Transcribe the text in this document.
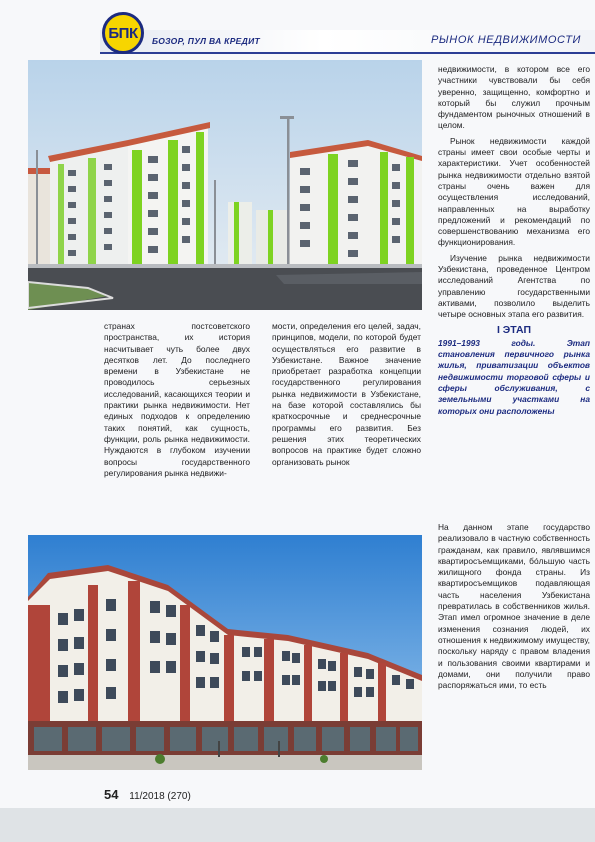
БПК БОЗОР, ПУЛ ВА КРЕДИТ	РЫНОК НЕДВИЖИМОСТИ

недвижимости, в котором все его участники чувствовали бы себя уверенно, защищенно, комфортно и который бы служил прочным фундаментом рыночных отношений в целом.

Рынок недвижимости каждой страны имеет свои особые черты и характеристики. Учет особенностей рынка недвижимости отдельно взятой страны очень важен для осуществления исследований, направленных на выработку предложений и рекомендаций по совершенствованию механизма его функционирования.

Изучение рынка недвижимости Узбекистана, проведенное Центром исследований Агентства по управлению государственными активами, позволило выделить четыре основных этапа его развития.

I ЭТАП
1991–1993 годы. Этап становления первичного рынка жилья, приватизации объектов недвижимости торговой сферы и сферы обслуживания, с земельными участками на которых они расположены

странах постсоветского пространства, их история насчитывает чуть более двух десятков лет. До последнего времени в Узбекистане не проводилось серьезных исследований, касающихся теории и практики рынка недвижимости. Нет единых подходов к определению таких понятий, как сущность, функции, роль рынка недвижимости. Нуждаются в глубоком изучении вопросы государственного регулирования рынка недвижи-

мости, определения его целей, задач, принципов, модели, по которой будет осуществляться его развитие в Узбекистане. Важное значение приобретает разработка концепции государственного регулирования рынка недвижимости в Узбекистане, на базе которой составлялись бы краткосрочные и среднесрочные программы его развития. Без решения этих теоретических вопросов на практике будет сложно организовать рынок

На данном этапе государство реализовало в частную собственность гражданам, как правило, являвшимся квартиросъемщиками, бóльшую часть жилищного фонда страны. Из квартиросъемщиков подавляющая часть населения Узбекистана превратилась в собственников жилья. Этап имел огромное значение в деле изменения сознания людей, их отношения к недвижимому имуществу, поскольку наряду с правом владения и пользования своими квартирами и домами, они получили право распоряжаться ими, то есть

54 11/2018 (270)
